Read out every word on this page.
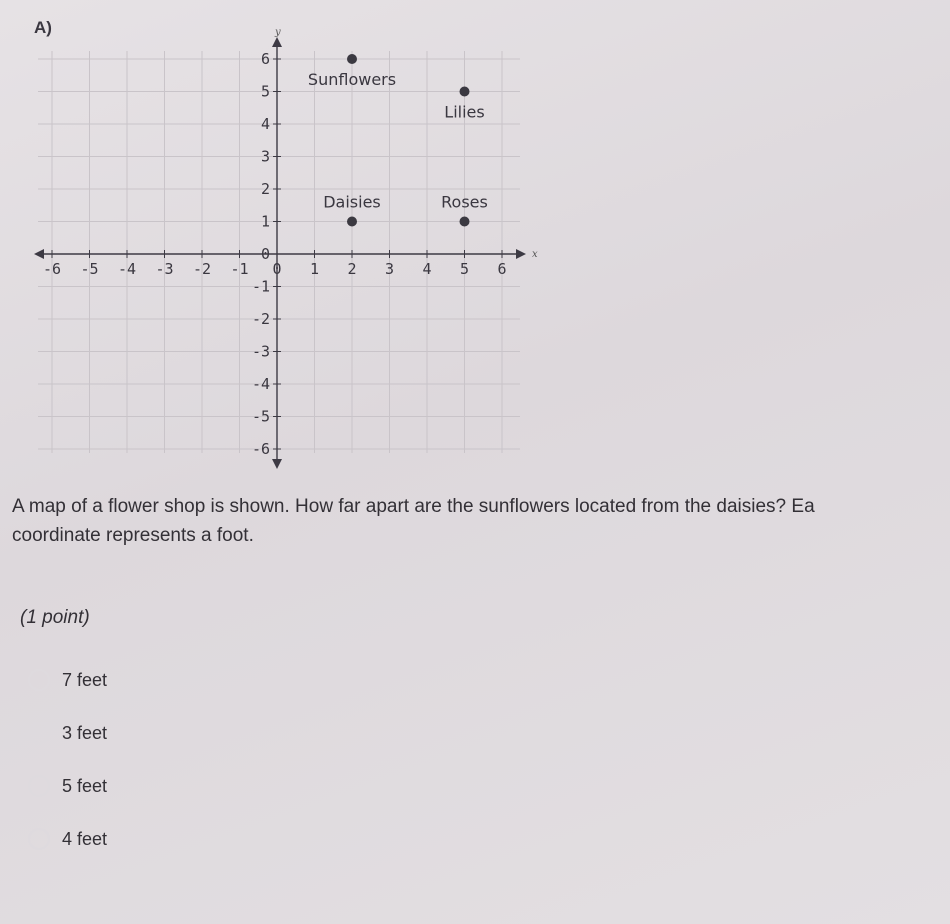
A)
x
y
-6 -5 -4 -3 -2 -1 0 1 2 3 4 5 6
6
5
4
3
2
1
0
-1
-2
-3
-4
-5
-6
Sunflowers
Lilies
Daisies	Roses
A map of a flower shop is shown. How far apart are the sunflowers located from the daisies? Ea
coordinate represents a foot.
(1 point)
7 feet
3 feet
5 feet
4 feet
